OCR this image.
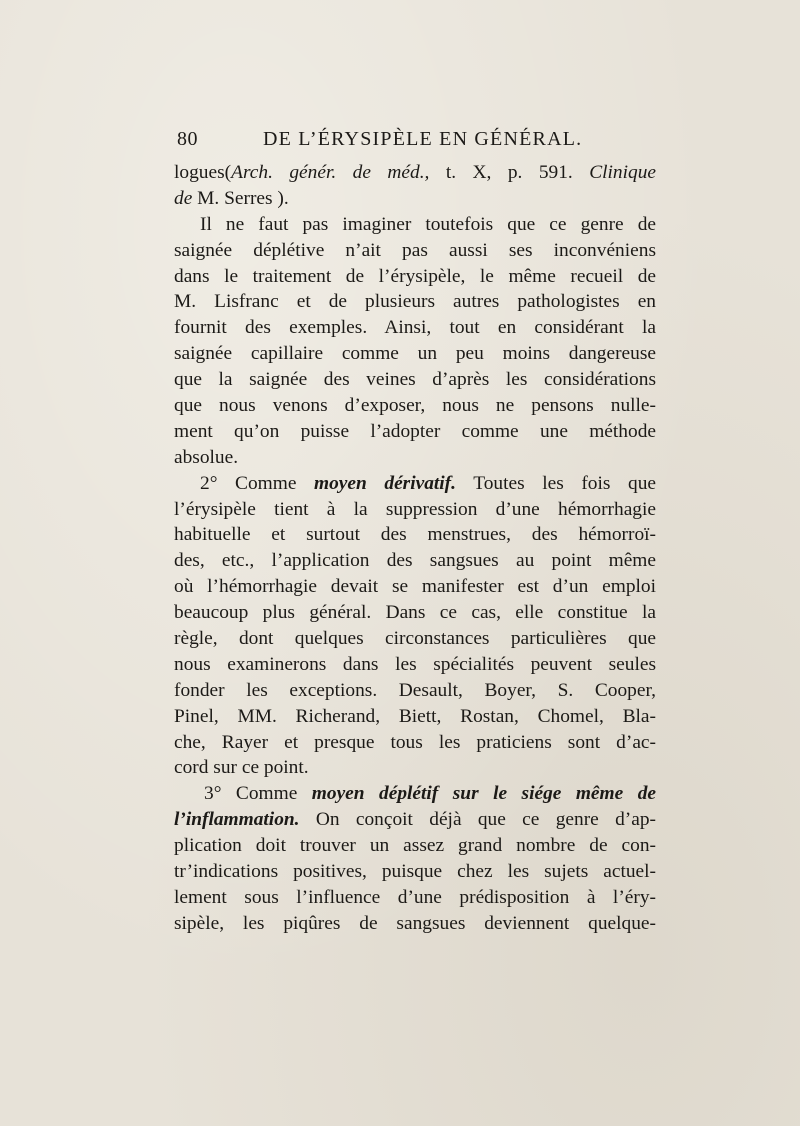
80	DE L’ÉRYSIPÈLE EN GÉNÉRAL.
logues(Arch. génér. de méd., t. X, p. 591. Clinique
de M. Serres ).
Il ne faut pas imaginer toutefois que ce genre de
saignée déplétive n’ait pas aussi ses inconvéniens
dans le traitement de l’érysipèle, le même recueil de
M. Lisfranc et de plusieurs autres pathologistes en
fournit des exemples. Ainsi, tout en considérant la
saignée capillaire comme un peu moins dangereuse
que la saignée des veines d’après les considérations
que nous venons d’exposer, nous ne pensons nulle-
ment qu’on puisse l’adopter comme une méthode
absolue.
2° Comme moyen dérivatif. Toutes les fois que
l’érysipèle tient à la suppression d’une hémorrhagie
habituelle et surtout des menstrues, des hémorroï-
des, etc., l’application des sangsues au point même
où l’hémorrhagie devait se manifester est d’un emploi
beaucoup plus général. Dans ce cas, elle constitue la
règle, dont quelques circonstances particulières que
nous examinerons dans les spécialités peuvent seules
fonder les exceptions. Desault, Boyer, S. Cooper,
Pinel, MM. Richerand, Biett, Rostan, Chomel, Bla-
che, Rayer et presque tous les praticiens sont d’ac-
cord sur ce point.
3° Comme moyen déplétif sur le siége même de
l’inflammation. On conçoit déjà que ce genre d’ap-
plication doit trouver un assez grand nombre de con-
tr’indications positives, puisque chez les sujets actuel-
lement sous l’influence d’une prédisposition à l’éry-
sipèle, les piqûres de sangsues deviennent quelque-
